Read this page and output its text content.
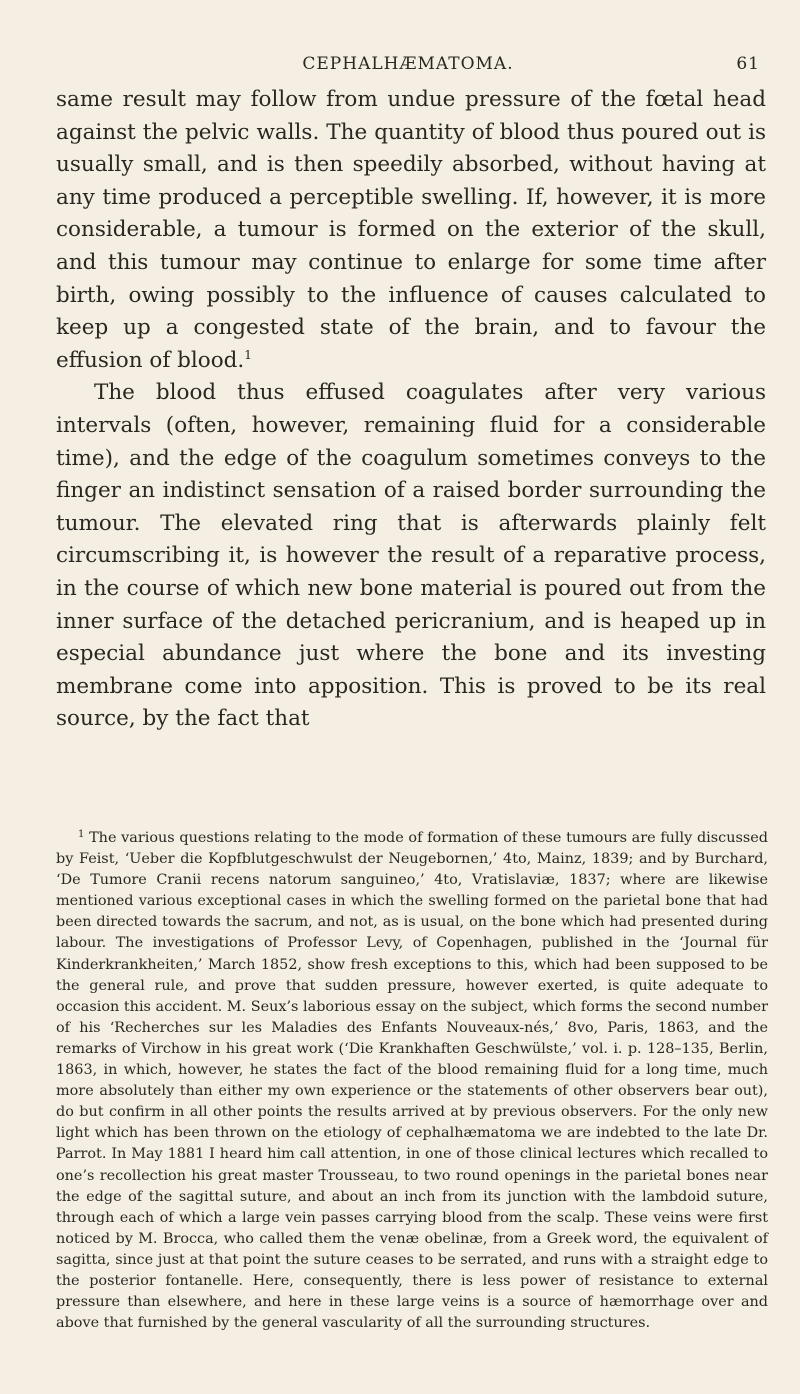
CEPHALHÆMATOMA.	61

same result may follow from undue pressure of the fœtal head against the pelvic walls. The quantity of blood thus poured out is usually small, and is then speedily absorbed, without having at any time produced a perceptible swelling. If, however, it is more considerable, a tumour is formed on the exterior of the skull, and this tumour may continue to enlarge for some time after birth, owing possibly to the influence of causes calculated to keep up a congested state of the brain, and to favour the effusion of blood.$^1$

The blood thus effused coagulates after very various intervals (often, however, remaining fluid for a considerable time), and the edge of the coagulum sometimes conveys to the finger an indistinct sensation of a raised border surrounding the tumour. The elevated ring that is afterwards plainly felt circumscribing it, is however the result of a reparative process, in the course of which new bone material is poured out from the inner surface of the detached pericranium, and is heaped up in especial abundance just where the bone and its investing membrane come into apposition. This is proved to be its real source, by the fact that

$^1$ The various questions relating to the mode of formation of these tumours are fully discussed by Feist, ‘Ueber die Kopfblutgeschwulst der Neugebornen,’ 4to, Mainz, 1839; and by Burchard, ‘De Tumore Cranii recens natorum sanguineo,’ 4to, Vratislaviæ, 1837; where are likewise mentioned various exceptional cases in which the swelling formed on the parietal bone that had been directed towards the sacrum, and not, as is usual, on the bone which had presented during labour. The investigations of Professor Levy, of Copenhagen, published in the ‘Journal für Kinderkrankheiten,’ March 1852, show fresh exceptions to this, which had been supposed to be the general rule, and prove that sudden pressure, however exerted, is quite adequate to occasion this accident. M. Seux’s laborious essay on the subject, which forms the second number of his ‘Recherches sur les Maladies des Enfants Nouveaux-nés,’ 8vo, Paris, 1863, and the remarks of Virchow in his great work (‘Die Krankhaften Geschwülste,’ vol. i. p. 128–135, Berlin, 1863, in which, however, he states the fact of the blood remaining fluid for a long time, much more absolutely than either my own experience or the statements of other observers bear out), do but confirm in all other points the results arrived at by previous observers. For the only new light which has been thrown on the etiology of cephalhæmatoma we are indebted to the late Dr. Parrot. In May 1881 I heard him call attention, in one of those clinical lectures which recalled to one’s recollection his great master Trousseau, to two round openings in the parietal bones near the edge of the sagittal suture, and about an inch from its junction with the lambdoid suture, through each of which a large vein passes carrying blood from the scalp. These veins were first noticed by M. Brocca, who called them the venæ obelinæ, from a Greek word, the equivalent of sagitta, since just at that point the suture ceases to be serrated, and runs with a straight edge to the posterior fontanelle. Here, consequently, there is less power of resistance to external pressure than elsewhere, and here in these large veins is a source of hæmorrhage over and above that furnished by the general vascularity of all the surrounding structures.
